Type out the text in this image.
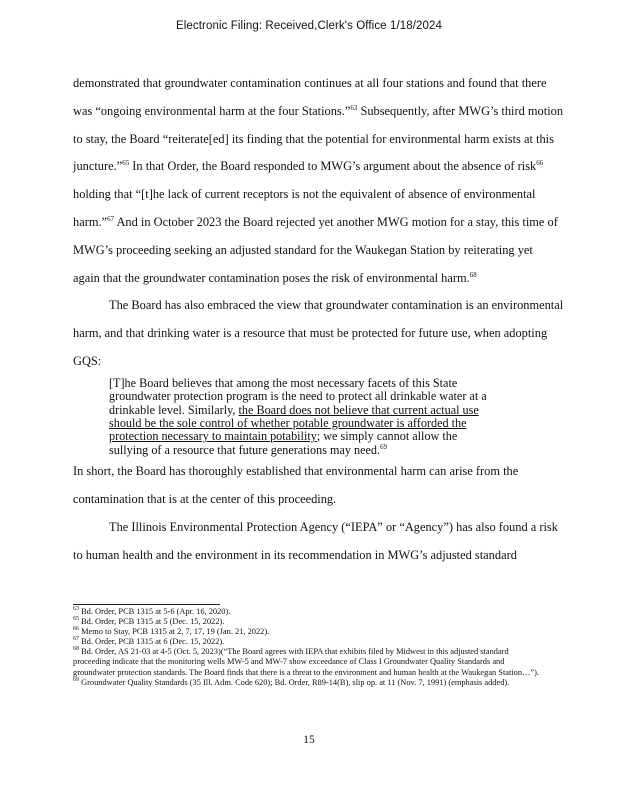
Electronic Filing: Received,Clerk's Office 1/18/2024

demonstrated that groundwater contamination continues at all four stations and found that there
was “ongoing environmental harm at the four Stations.”$^{63}$ Subsequently, after MWG’s third motion
to stay, the Board “reiterate[ed] its finding that the potential for environmental harm exists at this
juncture.”$^{65}$ In that Order, the Board responded to MWG’s argument about the absence of risk$^{66}$
holding that “[t]he lack of current receptors is not the equivalent of absence of environmental
harm.”$^{67}$ And in October 2023 the Board rejected yet another MWG motion for a stay, this time of
MWG’s proceeding seeking an adjusted standard for the Waukegan Station by reiterating yet
again that the groundwater contamination poses the risk of environmental harm.$^{68}$

The Board has also embraced the view that groundwater contamination is an environmental
harm, and that drinking water is a resource that must be protected for future use, when adopting
GQS:

[T]he Board believes that among the most necessary facets of this State groundwater protection program is the need to protect all drinkable water at a drinkable level. Similarly, the Board does not believe that current actual use should be the sole control of whether potable groundwater is afforded the protection necessary to maintain potability; we simply cannot allow the sullying of a resource that future generations may need.$^{69}$

In short, the Board has thoroughly established that environmental harm can arise from the
contamination that is at the center of this proceeding.

The Illinois Environmental Protection Agency (“IEPA” or “Agency”) has also found a risk
to human health and the environment in its recommendation in MWG’s adjusted standard

$^{63}$ Bd. Order, PCB 1315 at 5-6 (Apr. 16, 2020).
$^{65}$ Bd. Order, PCB 1315 at 5 (Dec. 15, 2022).
$^{66}$ Memo to Stay, PCB 1315 at 2, 7, 17, 19 (Jan. 21, 2022).
$^{67}$ Bd. Order, PCB 1315 at 6 (Dec. 15, 2022).
$^{68}$ Bd. Order, AS 21-03 at 4-5 (Oct. 5, 2023)(“The Board agrees with IEPA that exhibits filed by Midwest in this adjusted standard proceeding indicate that the monitoring wells MW-5 and MW-7 show exceedance of Class I Groundwater Quality Standards and groundwater protection standards. The Board finds that there is a threat to the environment and human health at the Waukegan Station…”).
$^{69}$ Groundwater Quality Standards (35 Ill. Adm. Code 620); Bd. Order, R89-14(B), slip op. at 11 (Nov. 7, 1991) (emphasis added).
15
